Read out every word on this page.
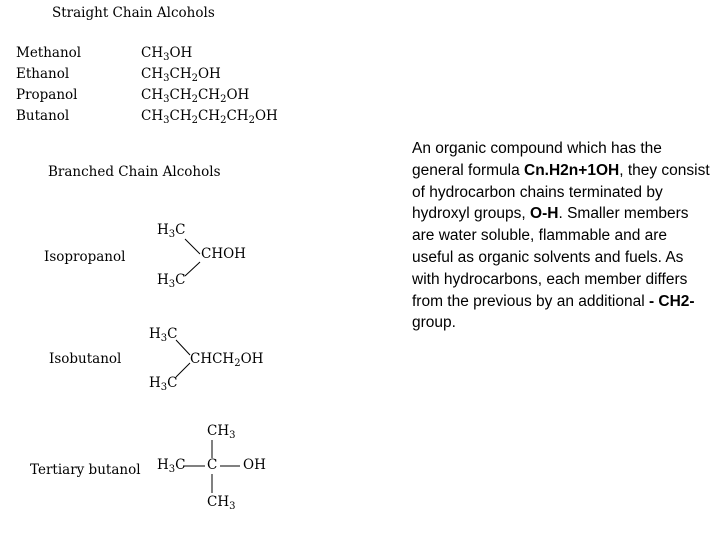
Straight Chain Alcohols
Methanol
Ethanol
Propanol
Butanol
$CH_3OH$
$CH_3CH_2OH$
$CH_3CH_2CH_2OH$
$CH_3CH_2CH_2CH_2OH$
Branched Chain Alcohols
Isopropanol
$H_3C$
CHOH
$H_3C$
Isobutanol
$H_3C$
$CHCH_2OH$
$H_3C$
Tertiary butanol
$CH_3$
$H_3C$ C OH
$CH_3$
An organic compound which has the general formula Cn.H2n+1OH, they consist of hydrocarbon chains terminated by hydroxyl groups, O-H. Smaller members are water soluble, flammable and are useful as organic solvents and fuels. As with hydrocarbons, each member differs from the previous by an additional - CH2- group.
